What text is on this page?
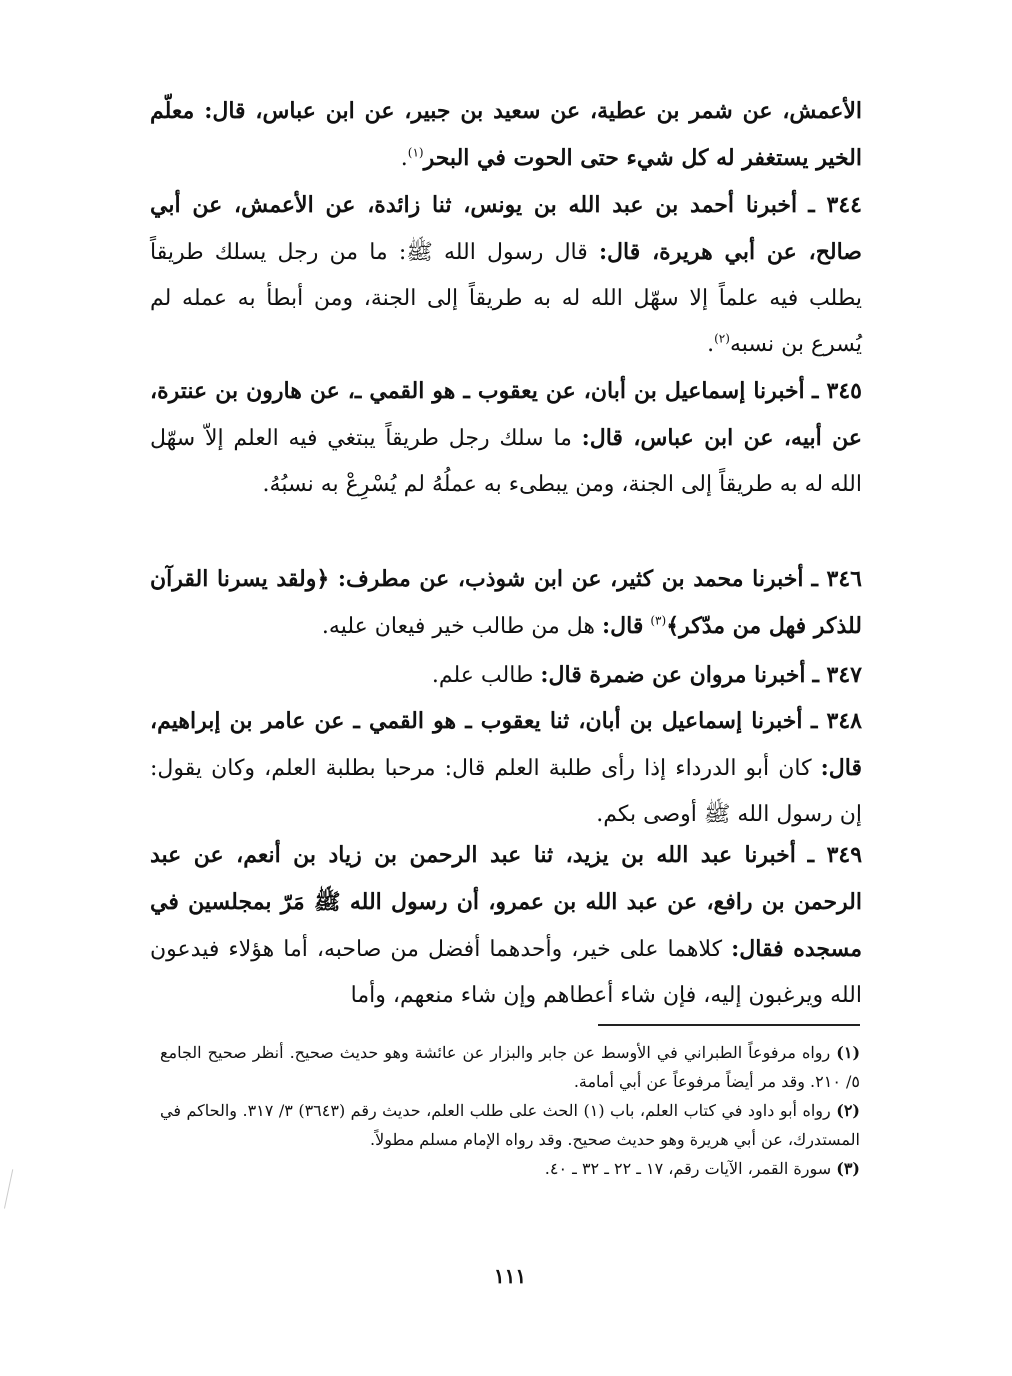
الأعمش، عن شمر بن عطية، عن سعيد بن جبير، عن ابن عباس، قال: معلّم الخير يستغفر له كل شيء حتى الحوت في البحر$^{(١)}$.

٣٤٤ ـ أخبرنا أحمد بن عبد الله بن يونس، ثنا زائدة، عن الأعمش، عن أبي صالح، عن أبي هريرة، قال: قال رسول الله ﷺ: ما من رجل يسلك طريقاً يطلب فيه علماً إلا سهّل الله له به طريقاً إلى الجنة، ومن أبطأ به عمله لم يُسرع بن نسبه$^{(٢)}$.

٣٤٥ ـ أخبرنا إسماعيل بن أبان، عن يعقوب ـ هو القمي ـ، عن هارون بن عنترة، عن أبيه، عن ابن عباس، قال: ما سلك رجل طريقاً يبتغي فيه العلم إلاّ سهّل الله له به طريقاً إلى الجنة، ومن يبطىء به عملُهُ لم يُسْرِعْ به نسبُهُ.

٣٤٦ ـ أخبرنا محمد بن كثير، عن ابن شوذب، عن مطرف: ﴿ولقد يسرنا القرآن للذكر فهل من مدّكر﴾$^{(٣)}$ قال: هل من طالب خير فيعان عليه.

٣٤٧ ـ أخبرنا مروان عن ضمرة قال: طالب علم.

٣٤٨ ـ أخبرنا إسماعيل بن أبان، ثنا يعقوب ـ هو القمي ـ عن عامر بن إبراهيم، قال: كان أبو الدرداء إذا رأى طلبة العلم قال: مرحبا بطلبة العلم، وكان يقول: إن رسول الله ﷺ أوصى بكم.

٣٤٩ ـ أخبرنا عبد الله بن يزيد، ثنا عبد الرحمن بن زياد بن أنعم، عن عبد الرحمن بن رافع، عن عبد الله بن عمرو، أن رسول الله ﷺ مَرّ بمجلسين في مسجده فقال: كلاهما على خير، وأحدهما أفضل من صاحبه، أما هؤلاء فيدعون الله ويرغبون إليه، فإن شاء أعطاهم وإن شاء منعهم، وأما

(١) رواه مرفوعاً الطبراني في الأوسط عن جابر والبزار عن عائشة وهو حديث صحيح. أنظر صحيح الجامع ٥/ ٢١٠. وقد مر أيضاً مرفوعاً عن أبي أمامة.

(٢) رواه أبو داود في كتاب العلم، باب (١) الحث على طلب العلم، حديث رقم (٣٦٤٣) ٣/ ٣١٧. والحاكم في المستدرك، عن أبي هريرة وهو حديث صحيح. وقد رواه الإمام مسلم مطولاً.

(٣) سورة القمر، الآيات رقم، ١٧ ـ ٢٢ ـ ٣٢ ـ ٤٠.

١١١
